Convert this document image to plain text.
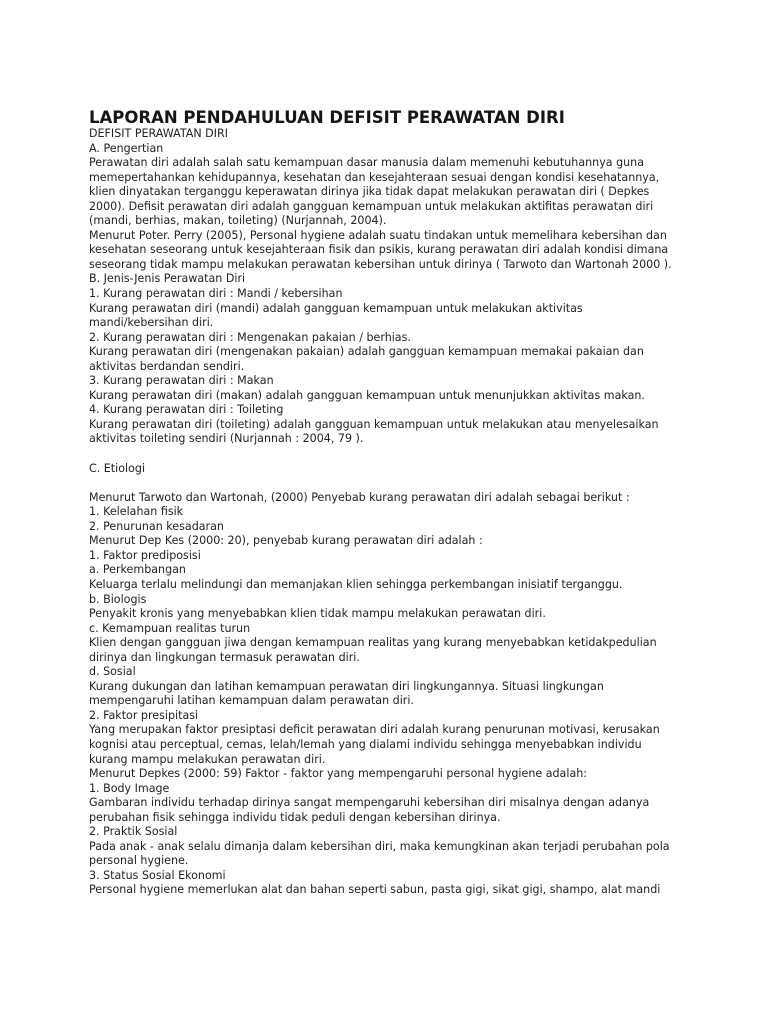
LAPORAN PENDAHULUAN DEFISIT PERAWATAN DIRI
DEFISIT PERAWATAN DIRI
A. Pengertian
Perawatan diri adalah salah satu kemampuan dasar manusia dalam memenuhi kebutuhannya guna
memepertahankan kehidupannya, kesehatan dan kesejahteraan sesuai dengan kondisi kesehatannya,
klien dinyatakan terganggu keperawatan dirinya jika tidak dapat melakukan perawatan diri ( Depkes
2000). Defisit perawatan diri adalah gangguan kemampuan untuk melakukan aktifitas perawatan diri
(mandi, berhias, makan, toileting) (Nurjannah, 2004).
Menurut Poter. Perry (2005), Personal hygiene adalah suatu tindakan untuk memelihara kebersihan dan
kesehatan seseorang untuk kesejahteraan fisik dan psikis, kurang perawatan diri adalah kondisi dimana
seseorang tidak mampu melakukan perawatan kebersihan untuk dirinya ( Tarwoto dan Wartonah 2000 ).
B. Jenis-Jenis Perawatan Diri
1. Kurang perawatan diri : Mandi / kebersihan
Kurang perawatan diri (mandi) adalah gangguan kemampuan untuk melakukan aktivitas
mandi/kebersihan diri.
2. Kurang perawatan diri : Mengenakan pakaian / berhias.
Kurang perawatan diri (mengenakan pakaian) adalah gangguan kemampuan memakai pakaian dan
aktivitas berdandan sendiri.
3. Kurang perawatan diri : Makan
Kurang perawatan diri (makan) adalah gangguan kemampuan untuk menunjukkan aktivitas makan.
4. Kurang perawatan diri : Toileting
Kurang perawatan diri (toileting) adalah gangguan kemampuan untuk melakukan atau menyelesaikan
aktivitas toileting sendiri (Nurjannah : 2004, 79 ).
C. Etiologi
Menurut Tarwoto dan Wartonah, (2000) Penyebab kurang perawatan diri adalah sebagai berikut :
1. Kelelahan fisik
2. Penurunan kesadaran
Menurut Dep Kes (2000: 20), penyebab kurang perawatan diri adalah :
1. Faktor prediposisi
a. Perkembangan
Keluarga terlalu melindungi dan memanjakan klien sehingga perkembangan inisiatif terganggu.
b. Biologis
Penyakit kronis yang menyebabkan klien tidak mampu melakukan perawatan diri.
c. Kemampuan realitas turun
Klien dengan gangguan jiwa dengan kemampuan realitas yang kurang menyebabkan ketidakpedulian
dirinya dan lingkungan termasuk perawatan diri.
d. Sosial
Kurang dukungan dan latihan kemampuan perawatan diri lingkungannya. Situasi lingkungan
mempengaruhi latihan kemampuan dalam perawatan diri.
2. Faktor presipitasi
Yang merupakan faktor presiptasi deficit perawatan diri adalah kurang penurunan motivasi, kerusakan
kognisi atau perceptual, cemas, lelah/lemah yang dialami individu sehingga menyebabkan individu
kurang mampu melakukan perawatan diri.
Menurut Depkes (2000: 59) Faktor - faktor yang mempengaruhi personal hygiene adalah:
1. Body Image
Gambaran individu terhadap dirinya sangat mempengaruhi kebersihan diri misalnya dengan adanya
perubahan fisik sehingga individu tidak peduli dengan kebersihan dirinya.
2. Praktik Sosial
Pada anak - anak selalu dimanja dalam kebersihan diri, maka kemungkinan akan terjadi perubahan pola
personal hygiene.
3. Status Sosial Ekonomi
Personal hygiene memerlukan alat dan bahan seperti sabun, pasta gigi, sikat gigi, shampo, alat mandi
